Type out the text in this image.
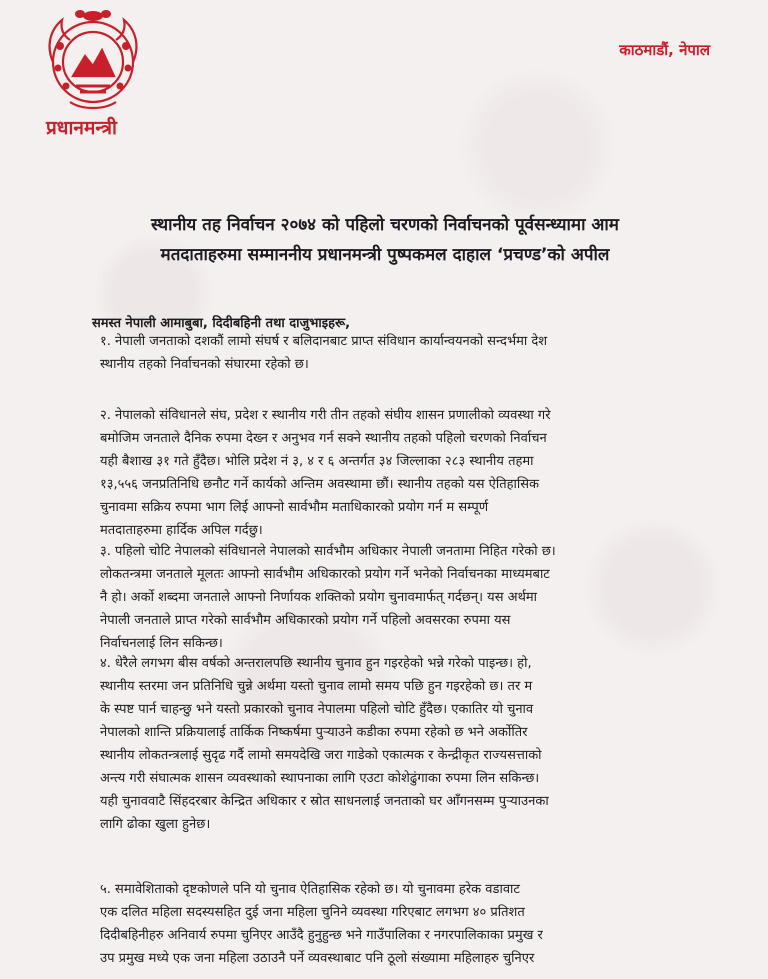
प्रधानमन्त्री

काठमाडौं, नेपाल

स्थानीय तह निर्वाचन २०७४ को पहिलो चरणको निर्वाचनको पूर्वसन्ध्यामा आम
मतदाताहरुमा सम्माननीय प्रधानमन्त्री पुष्पकमल दाहाल ‘प्रचण्ड’को अपील

समस्त नेपाली आमाबुबा, दिदीबहिनी तथा दाजुभाइहरू,

१. नेपाली जनताको दशकौं लामो संघर्ष र बलिदानबाट प्राप्त संविधान कार्यान्वयनको सन्दर्भमा देश
स्थानीय तहको निर्वाचनको संघारमा रहेको छ।
२. नेपालको संविधानले संघ, प्रदेश र स्थानीय गरी तीन तहको संघीय शासन प्रणालीको व्यवस्था गरे
बमोजिम जनताले दैनिक रुपमा देख्न र अनुभव गर्न सक्ने स्थानीय तहको पहिलो चरणको निर्वाचन
यही बैशाख ३१ गते हुँदैछ। भोलि प्रदेश नं ३, ४ र ६ अन्तर्गत ३४ जिल्लाका २८३ स्थानीय तहमा
१३,५५६ जनप्रतिनिधि छनौट गर्ने कार्यको अन्तिम अवस्थामा छौं। स्थानीय तहको यस ऐतिहासिक
चुनावमा सक्रिय रुपमा भाग लिई आफ्नो सार्वभौम मताधिकारको प्रयोग गर्न म सम्पूर्ण
मतदाताहरुमा हार्दिक अपिल गर्दछु।
३. पहिलो चोटि नेपालको संविधानले नेपालको सार्वभौम अधिकार नेपाली जनतामा निहित गरेको छ।
लोकतन्त्रमा जनताले मूलतः आफ्नो सार्वभौम अधिकारको प्रयोग गर्ने भनेको निर्वाचनका माध्यमबाट
नै हो। अर्को शब्दमा जनताले आफ्नो निर्णायक शक्तिको प्रयोग चुनावमार्फत् गर्दछन्। यस अर्थमा
नेपाली जनताले प्राप्त गरेको सार्वभौम अधिकारको प्रयोग गर्ने पहिलो अवसरका रुपमा यस
निर्वाचनलाई लिन सकिन्छ।
४. धेरैले लगभग बीस वर्षको अन्तरालपछि स्थानीय चुनाव हुन गइरहेको भन्ने गरेको पाइन्छ। हो,
स्थानीय स्तरमा जन प्रतिनिधि चुन्ने अर्थमा यस्तो चुनाव लामो समय पछि हुन गइरहेको छ। तर म
के स्पष्ट पार्न चाहन्छु भने यस्तो प्रकारको चुनाव नेपालमा पहिलो चोटि हुँदैछ। एकातिर यो चुनाव
नेपालको शान्ति प्रक्रियालाई तार्किक निष्कर्षमा पुऱ्याउने कडीका रुपमा रहेको छ भने अर्कोतिर
स्थानीय लोकतन्त्रलाई सुदृढ गर्दै लामो समयदेखि जरा गाडेको एकात्मक र केन्द्रीकृत राज्यसत्ताको
अन्त्य गरी संघात्मक शासन व्यवस्थाको स्थापनाका लागि एउटा कोशेढुंगाका रुपमा लिन सकिन्छ।
यही चुनाववाटै सिंहदरबार केन्द्रित अधिकार र स्रोत साधनलाई जनताको घर आँगनसम्म पुऱ्याउनका
लागि ढोका खुला हुनेछ।
५. समावेशिताको दृष्टकोणले पनि यो चुनाव ऐतिहासिक रहेको छ। यो चुनावमा हरेक वडावाट
एक दलित महिला सदस्यसहित दुई जना महिला चुनिने व्यवस्था गरिएबाट लगभग ४० प्रतिशत
दिदीबहिनीहरु अनिवार्य रुपमा चुनिएर आउँदै हुनुहुन्छ भने गाउँपालिका र नगरपालिकाका प्रमुख र
उप प्रमुख मध्ये एक जना महिला उठाउनै पर्ने व्यवस्थाबाट पनि ठूलो संख्यामा महिलाहरु चुनिएर
